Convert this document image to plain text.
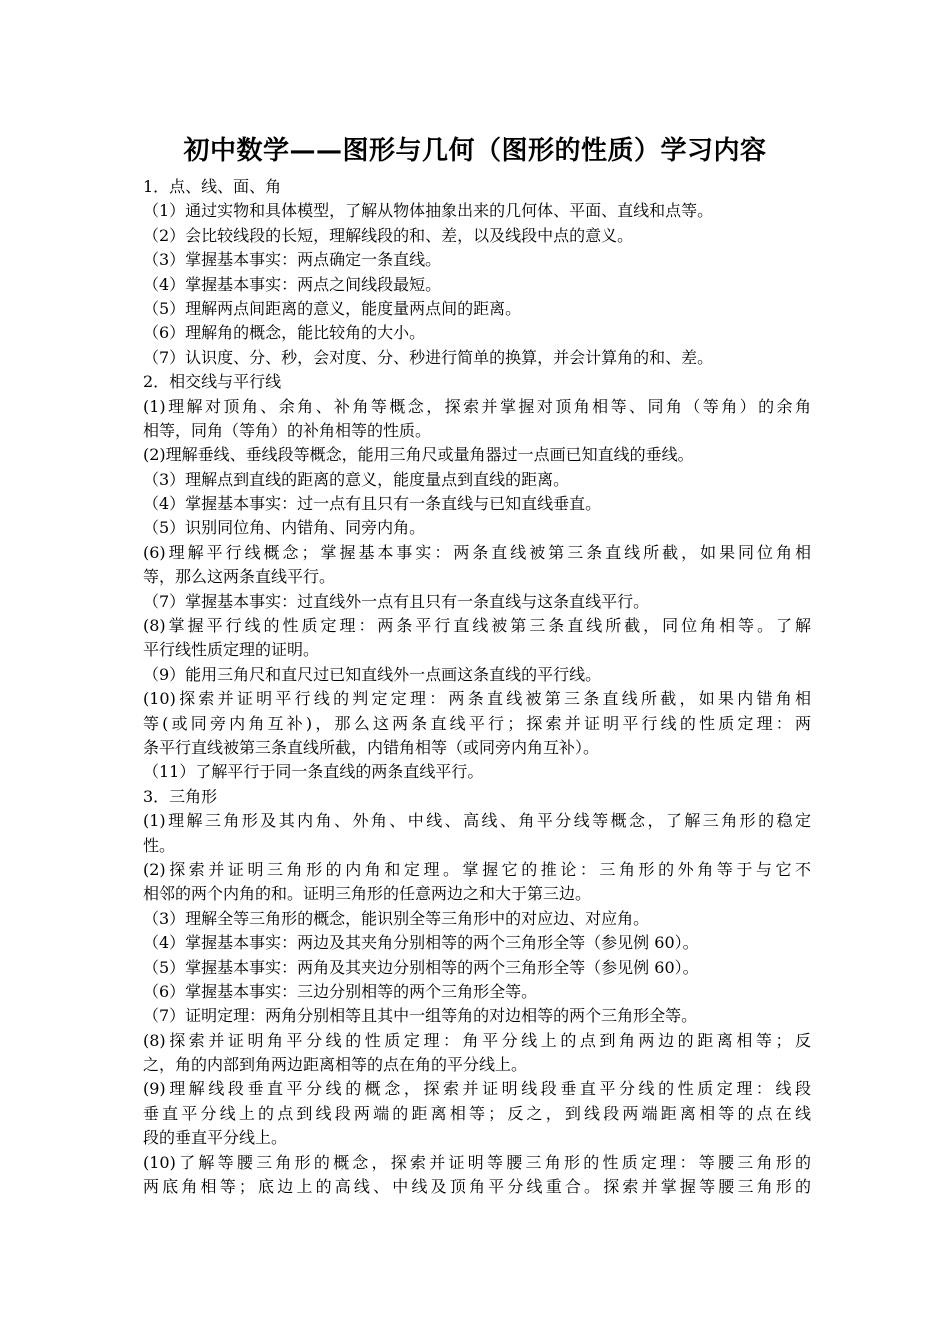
初中数学——图形与几何（图形的性质）学习内容
1．点、线、面、角
（1）通过实物和具体模型，了解从物体抽象出来的几何体、平面、直线和点等。
（2）会比较线段的长短，理解线段的和、差，以及线段中点的意义。
（3）掌握基本事实：两点确定一条直线。
（4）掌握基本事实：两点之间线段最短。
（5）理解两点间距离的意义，能度量两点间的距离。
（6）理解角的概念，能比较角的大小。
（7）认识度、分、秒，会对度、分、秒进行简单的换算，并会计算角的和、差。
2．相交线与平行线
(1)理解对顶角、余角、补角等概念，探索并掌握对顶角相等、同角（等角）的余角
相等，同角（等角）的补角相等的性质。
(2)理解垂线、垂线段等概念，能用三角尺或量角器过一点画已知直线的垂线。
（3）理解点到直线的距离的意义，能度量点到直线的距离。
（4）掌握基本事实：过一点有且只有一条直线与已知直线垂直。
（5）识别同位角、内错角、同旁内角。
(6)理解平行线概念；掌握基本事实：两条直线被第三条直线所截，如果同位角相
等，那么这两条直线平行。
（7）掌握基本事实：过直线外一点有且只有一条直线与这条直线平行。
(8)掌握平行线的性质定理：两条平行直线被第三条直线所截，同位角相等。了解
平行线性质定理的证明。
（9）能用三角尺和直尺过已知直线外一点画这条直线的平行线。
(10)探索并证明平行线的判定定理：两条直线被第三条直线所截，如果内错角相
等(或同旁内角互补)，那么这两条直线平行；探索并证明平行线的性质定理：两
条平行直线被第三条直线所截，内错角相等（或同旁内角互补）。
（11）了解平行于同一条直线的两条直线平行。
3．三角形
(1)理解三角形及其内角、外角、中线、高线、角平分线等概念，了解三角形的稳定
性。
(2)探索并证明三角形的内角和定理。掌握它的推论：三角形的外角等于与它不
相邻的两个内角的和。证明三角形的任意两边之和大于第三边。
（3）理解全等三角形的概念，能识别全等三角形中的对应边、对应角。
（4）掌握基本事实：两边及其夹角分别相等的两个三角形全等（参见例 60）。
（5）掌握基本事实：两角及其夹边分别相等的两个三角形全等（参见例 60）。
（6）掌握基本事实：三边分别相等的两个三角形全等。
（7）证明定理：两角分别相等且其中一组等角的对边相等的两个三角形全等。
(8)探索并证明角平分线的性质定理：角平分线上的点到角两边的距离相等；反
之，角的内部到角两边距离相等的点在角的平分线上。
(9)理解线段垂直平分线的概念，探索并证明线段垂直平分线的性质定理：线段
垂直平分线上的点到线段两端的距离相等；反之，到线段两端距离相等的点在线
段的垂直平分线上。
(10)了解等腰三角形的概念，探索并证明等腰三角形的性质定理：等腰三角形的
两底角相等；底边上的高线、中线及顶角平分线重合。探索并掌握等腰三角形的
